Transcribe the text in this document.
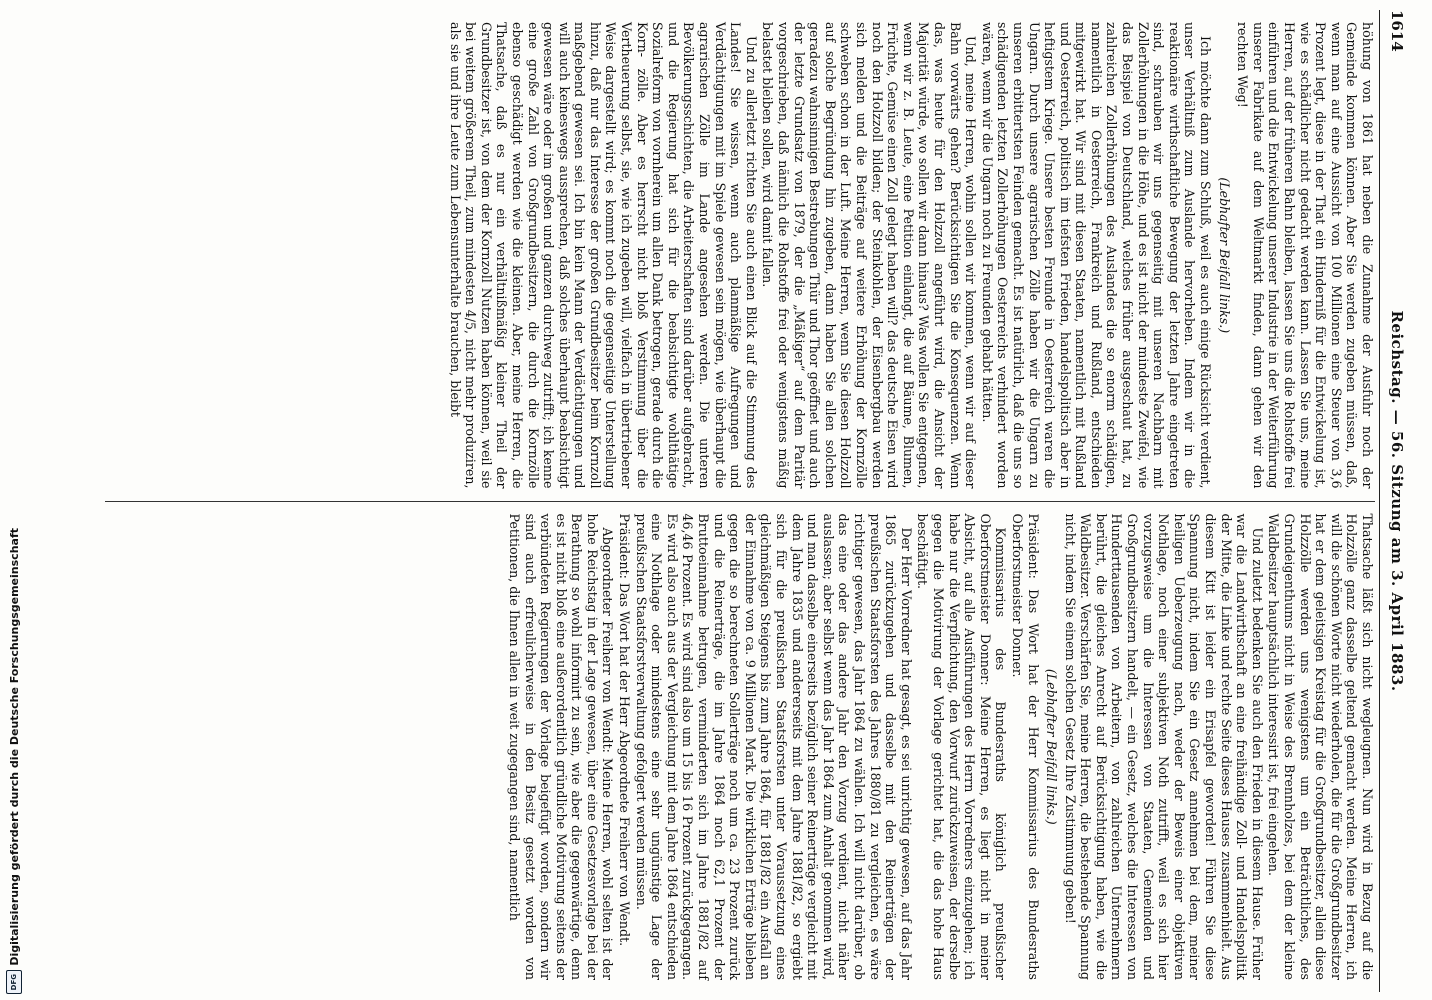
Digitalisierung gefördert durch die Deutsche Forschungsgemeinschaft
DFG
1614
Reichstag. — 56. Sitzung am 3. April 1883.

höhung von 1861 hat neben die Zunahme der Ausfuhr noch der Gemeinde kommen können. Aber Sie werden zugeben müssen, daß, wenn man auf eine Aussicht von 100 Millionen eine Steuer von 3,6 Prozent legt, diese in der That ein Hinderniß für die Entwickelung ist, wie es schädlicher nicht gedacht werden kann. Lassen Sie uns, meine Herren, auf der früheren Bahn bleiben, lassen Sie uns die Rohstoffe frei einführen und die Entwickelung unserer Industrie in der Weiterführung unserer Fabrikate auf dem Weltmarkt finden, dann gehen wir den rechten Weg!

(Lebhafter Beifall links.)

Ich möchte dann zum Schluß, weil es auch einige Rücksicht verdient, unser Verhältniß zum Auslande hervorheben. Indem wir in die reaktionäre wirthschaftliche Bewegung der letzten Jahre eingetreten sind, schrauben wir uns gegenseitig mit unseren Nachbarn mit Zollerhöhungen in die Höhe, und es ist nicht der mindeste Zweifel, wie das Beispiel von Deutschland, welches früher ausgeschaut hat, zu zahlreichen Zollerhöhungen des Auslandes die so enorm schädigen, namentlich in Oesterreich, Frankreich und Rußland, entschieden mitgewirkt hat. Wir sind mit diesen Staaten, namentlich mit Rußland und Oesterreich, politisch im tiefsten Frieden, handelspolitisch aber in heftigstem Kriege. Unsere besten Freunde in Oesterreich waren die Ungarn. Durch unsere agrarischen Zölle haben wir die Ungarn zu unseren erbittertsten Feinden gemacht. Es ist natürlich, daß die uns so schädigenden letzten Zollerhöhungen Oesterreichs verhindert worden wären, wenn wir die Ungarn noch zu Freunden gehabt hätten.

Und, meine Herren, wohin sollen wir kommen, wenn wir auf dieser Bahn vorwärts gehen? Berücksichtigen Sie die Konsequenzen. Wenn das, was heute für den Holzzoll angeführt wird, die Ansicht der Majorität würde, wo sollen wir dann hinaus? Was wollen Sie entgegnen, wenn wir z. B. Leute, eine Petition einlangt, die auf Bäume, Blumen, Früchte, Gemüse einen Zoll gelegt haben will? das deutsche Eisen wird noch den Holzzoll bilden; der Steinkohlen, der Eisenbergbau werden sich melden und die Beiträge auf weitere Erhöhung der Kornzölle schweben schon in der Luft. Meine Herren, wenn Sie diesen Holzzoll auf solche Begründung hin zugeben, dann haben Sie allen solchen geradezu wahnsinnigen Bestrebungen Thür und Thor geöffnet und auch der letzte Grundsatz von 1879, der die „Mäßiger“ auf dem Paritär vorgeschrieben, daß nämlich die Rohstoffe frei oder wenigstens mäßig belastet bleiben sollen, wird damit fallen.

Und zu allerletzt richten Sie auch einen Blick auf die Stimmung des Landes! Sie wissen, wenn auch planmäßige Aufregungen und Verdächtigungen mit im Spiele gewesen sein mögen, wie überhaupt die agrarischen Zölle im Lande angesehen werden. Die unteren Bevölkerungsschichten, die Arbeiterschaften sind darüber aufgebracht, und die Regierung hat sich für die beabsichtigte wohlthätige Sozialreform von vornherein um allen Dank betrogen, gerade durch die Korn- zölle. Aber es herrscht nicht bloß Verstimmung über die Vertheuerung selbst, sie, wie ich zugeben will, vielfach in übertriebener Weise dargestellt wird; es kommt noch die gegenseitige Unterstellung hinzu, daß nur das Interesse der großen Grundbesitzer beim Kornzoll maßgebend gewesen sei. Ich bin kein Mann der Verdächtigungen und will auch keineswegs aussprechen, daß solches überhaupt beabsichtigt gewesen wäre oder im großen und ganzen durchweg zutrifft; ich kenne eine große Zahl von Großgrundbesitzern, die durch die Kornzölle ebenso geschädigt werden wie die kleinen. Aber, meine Herren, die Thatsache, daß es nur ein verhältnißmäßig kleiner Theil der Grundbesitzer ist, von dem der Kornzoll Nutzen haben können, weil sie bei weitem größerem Theil, zum mindesten 4/5, nicht mehr produziren, als sie und ihre Leute zum Lebensunterhalte brauchen, bleibt

Thatsache läßt sich nicht wegleugnen. Nun wird in Bezug auf die Holzzölle ganz dasselbe geltend gemacht werden. Meine Herren, ich will die schönen Worte nicht wiederholen, die für die Großgrundbesitzer hat er dem geleitsigen Kreistag für die Großgrundbesitzer, allein diese Holzzölle werden uns wenigstens um ein Beträchtliches, des Grundeigenthums nicht in Weise des Brennholzes, bei dem der kleine Waldbesitzer hauptsächlich interessirt ist, frei eingehen.

Und zuletzt bedenken Sie auch den Frieden in diesem Hause. Früher war die Landwirthschaft an eine freihändige Zoll- und Handelspolitik der Mitte, die Linke und rechte Seite dieses Hauses zusammenhielt. Aus diesem Kitt ist leider ein Erisapfel geworden! Führen Sie diese Spannung nicht, indem Sie ein Gesetz annehmen bei dem, meiner heiligen Ueberzeugung nach, weder der Beweis einer objektiven Nothlage, noch einer subjektiven Noth zutrifft, weil es sich hier vorzugsweise um die Interessen von Staaten, Gemeinden und Großgrundbesitzern handelt, — ein Gesetz, welches die Interessen von Hunderttausenden von Arbeitern, von zahlreichen Unternehmern berührt, die gleiches Anrecht auf Berücksichtigung haben, wie die Waldbesitzer. Verschärfen Sie, meine Herren, die bestehende Spannung nicht, indem Sie einem solchen Gesetz Ihre Zustimmung geben!

(Lebhafter Beifall links.)

Präsident: Das Wort hat der Herr Kommissarius des Bundesraths Oberforstmeister Donner.

Kommissarius des Bundesraths königlich preußischer Oberforstmeister Donner: Meine Herren, es liegt nicht in meiner Absicht, auf alle Ausführungen des Herrn Vorredners einzugehen; ich habe nur die Verpflichtung, den Vorwurf zurückzuweisen, der derselbe gegen die Motivirung der Vorlage gerichtet hat, die das hohe Haus beschäftigt.

Der Herr Vorredner hat gesagt, es sei unrichtig gewesen, auf das Jahr 1865 zurückzugehen und dasselbe mit den Reinerträgen der preußischen Staatsforsten des Jahres 1880/81 zu vergleichen, es wäre richtiger gewesen, das Jahr 1864 zu wählen. Ich will nicht darüber, ob das eine oder das andere Jahr den Vorzug verdient, nicht näher auslassen; aber selbst wenn das Jahr 1864 zum Anhalt genommen wird, und man dasselbe einerseits bezüglich seiner Reinerträge vergleicht mit dem Jahre 1835 und andererseits mit dem Jahre 1881/82, so ergiebt sich für die preußischen Staatsforsten unter Voraussetzung eines gleichmäßigen Steigens bis zum Jahre 1864, für 1881/82 ein Ausfall an der Einnahme von ca. 9 Millionen Mark. Die wirklichen Erträge blieben gegen die so berechneten Sollerträge noch um ca. 23 Prozent zurück und die Reinerträge, die im Jahre 1864 noch 62,1 Prozent der Bruttoeinnahme betrugen, verminderten sich im Jahre 1881/82 auf 46,46 Prozent. Es wird sind also um 15 bis 16 Prozent zurückgegangen. Es wird also auch aus der Vergleichung mit dem Jahre 1864 entschieden eine Nothlage oder mindestens eine sehr ungünstige Lage der preußischen Staatsforstverwaltung gefolgert werden müssen.

Präsident: Das Wort hat der Herr Abgeordnete Freiherr von Wendt.

Abgeordneter Freiherr von Wendt: Meine Herren, wohl selten ist der hohe Reichstag in der Lage gewesen, über eine Gesetzesvorlage bei der Berathung so wohl informirt zu sein, wie aber die gegenwärtige, denn es ist nicht bloß eine außerordentlich gründliche Motivirung seitens der verbündeten Regierungen der Vorlage beigefügt worden, sondern wir sind auch erfreulicherweise in den Besitz gesetzt worden von Petitionen, die Ihnen allen in weit zugegangen sind, namentlich
